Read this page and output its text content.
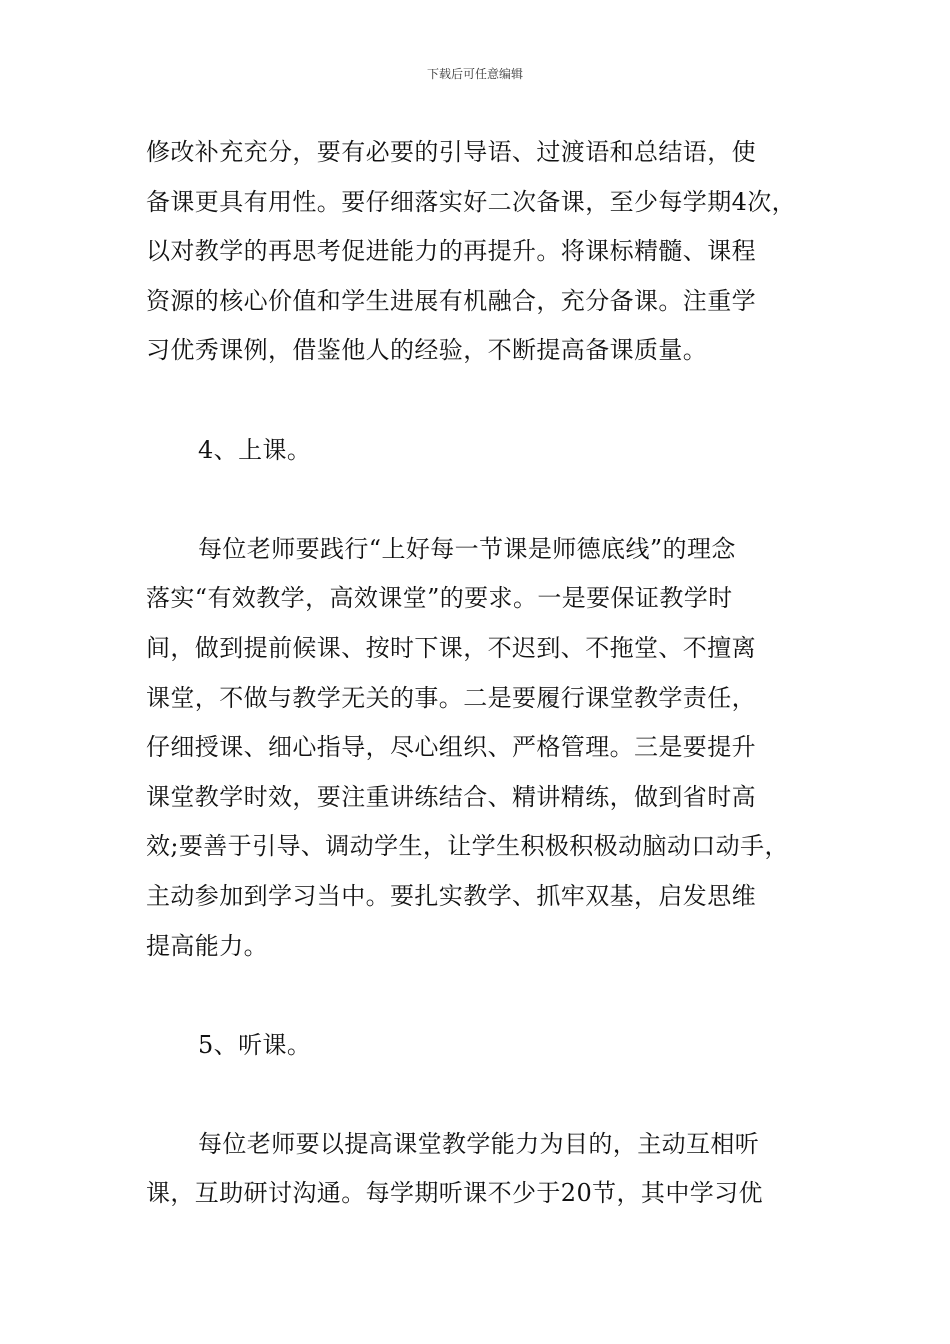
下载后可任意编辑
修改补充充分，要有必要的引导语、过渡语和总结语，使
备课更具有用性。要仔细落实好二次备课，至少每学期4次，
以对教学的再思考促进能力的再提升。将课标精髓、课程
资源的核心价值和学生进展有机融合，充分备课。注重学
习优秀课例，借鉴他人的经验，不断提高备课质量。
4、上课。
每位老师要践行“上好每一节课是师德底线”的理念
落实“有效教学，高效课堂”的要求。一是要保证教学时
间，做到提前候课、按时下课，不迟到、不拖堂、不擅离
课堂，不做与教学无关的事。二是要履行课堂教学责任，
仔细授课、细心指导，尽心组织、严格管理。三是要提升
课堂教学时效，要注重讲练结合、精讲精练，做到省时高
效;要善于引导、调动学生，让学生积极积极动脑动口动手，
主动参加到学习当中。要扎实教学、抓牢双基，启发思维
提高能力。
5、听课。
每位老师要以提高课堂教学能力为目的，主动互相听
课，互助研讨沟通。每学期听课不少于20节，其中学习优
